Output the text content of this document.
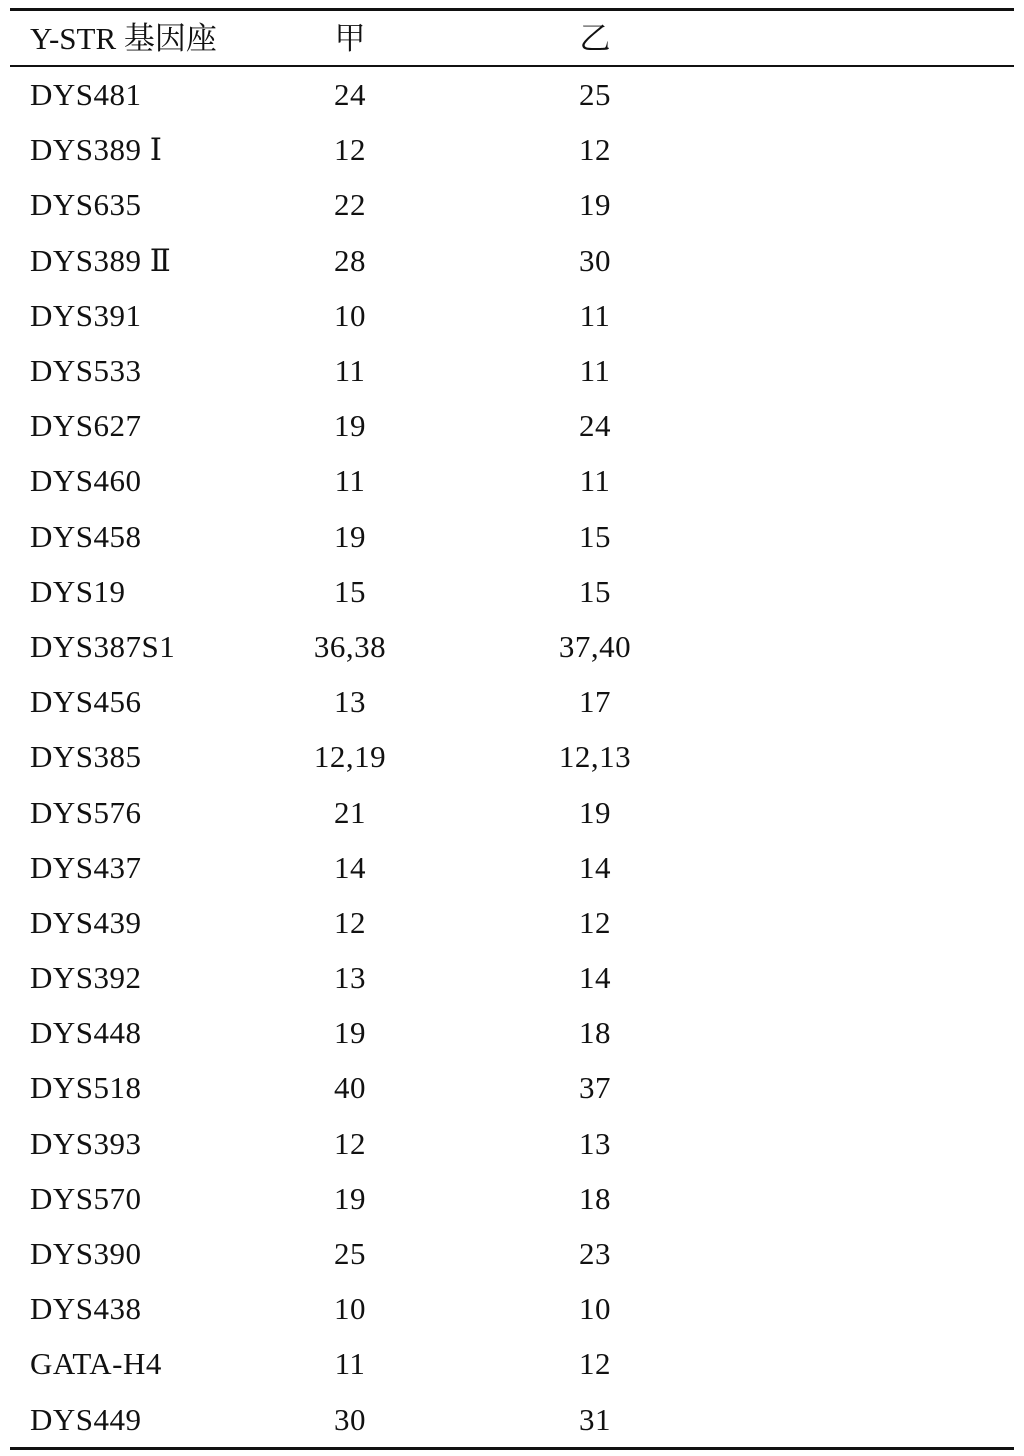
Y-STR 基因座	甲	乙
DYS481	24	25
DYS389 Ⅰ	12	12
DYS635	22	19
DYS389 Ⅱ	28	30
DYS391	10	11
DYS533	11	11
DYS627	19	24
DYS460	11	11
DYS458	19	15
DYS19	15	15
DYS387S1	36,38	37,40
DYS456	13	17
DYS385	12,19	12,13
DYS576	21	19
DYS437	14	14
DYS439	12	12
DYS392	13	14
DYS448	19	18
DYS518	40	37
DYS393	12	13
DYS570	19	18
DYS390	25	23
DYS438	10	10
GATA-H4	11	12
DYS449	30	31
